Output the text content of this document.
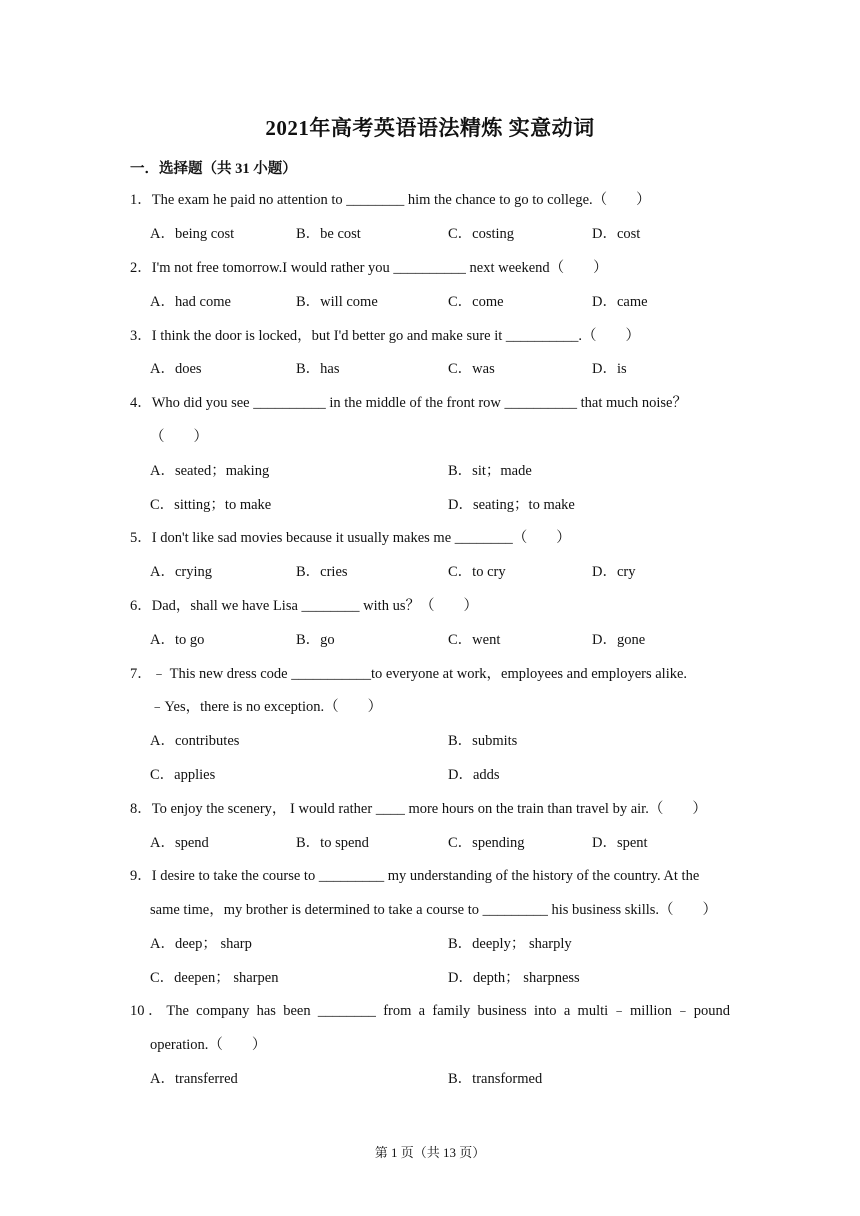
2021年高考英语语法精炼 实意动词
一．选择题（共 31 小题）
1．The exam he paid no attention to ________ him the chance to go to college.（　　）
A．being cost	B．be cost	C．costing	D．cost
2．I'm not free tomorrow.I would rather you __________ next weekend（　　）
A．had come	B．will come	C．come	D．came
3．I think the door is locked，but I'd better go and make sure it __________.（　　）
A．does	B．has	C．was	D．is
4．Who did you see __________ in the middle of the front row __________ that much noise？
（　　）
A．seated；making	B．sit；made
C．sitting；to make	D．seating；to make
5．I don't like sad movies because it usually makes me ________（　　）
A．crying	B．cries	C．to cry	D．cry
6．Dad，shall we have Lisa ________ with us？（　　）
A．to go	B．go	C．went	D．gone
7．﹣ This new dress code ___________to everyone at work，employees and employers alike.
﹣Yes，there is no exception.（　　）
A．contributes	B．submits
C．applies	D．adds
8．To enjoy the scenery， I would rather ____ more hours on the train than travel by air.（　　）
A．spend	B．to spend	C．spending	D．spent
9．I desire to take the course to _________ my understanding of the history of the country. At the
same time，my brother is determined to take a course to _________ his business skills.（　　）
A．deep； sharp	B．deeply； sharply
C．deepen； sharpen	D．depth； sharpness
10．The company has been ________ from a family business into a multi﹣million﹣pound
operation.（　　）
A．transferred	B．transformed
第 1 页（共 13 页）
